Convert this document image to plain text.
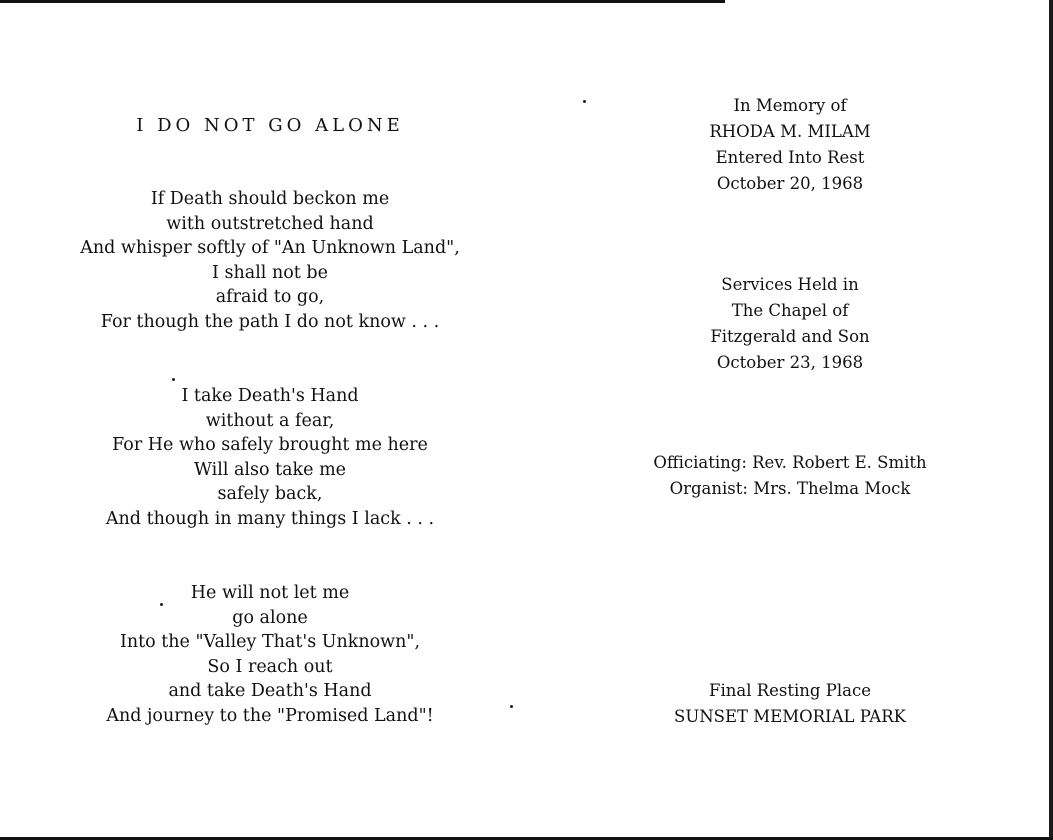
I DO NOT GO ALONE
If Death should beckon me
with outstretched hand
And whisper softly of "An Unknown Land",
I shall not be
afraid to go,
For though the path I do not know . . .
I take Death's Hand
without a fear,
For He who safely brought me here
Will also take me
safely back,
And though in many things I lack . . .
He will not let me
go alone
Into the "Valley That's Unknown",
So I reach out
and take Death's Hand
And journey to the "Promised Land"!
In Memory of
RHODA M. MILAM
Entered Into Rest
October 20, 1968
Services Held in
The Chapel of
Fitzgerald and Son
October 23, 1968
Officiating: Rev. Robert E. Smith
Organist: Mrs. Thelma Mock
Final Resting Place
SUNSET MEMORIAL PARK
